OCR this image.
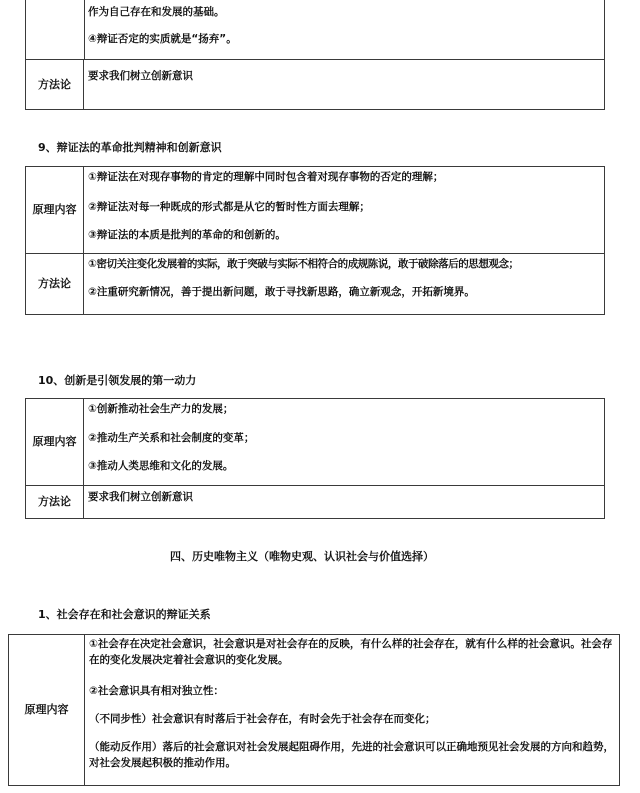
作为自己存在和发展的基础。

④辩证否定的实质就是“扬弃”。

方法论

要求我们树立创新意识

9、辩证法的革命批判精神和创新意识

原理内容

①辩证法在对现存事物的肯定的理解中同时包含着对现存事物的否定的理解；

②辩证法对每一种既成的形式都是从它的暂时性方面去理解；

③辩证法的本质是批判的革命的和创新的。

方法论

①密切关注变化发展着的实际，敢于突破与实际不相符合的成规陈说，敢于破除落后的思想观念；

②注重研究新情况，善于提出新问题，敢于寻找新思路，确立新观念，开拓新境界。

10、创新是引领发展的第一动力

原理内容

①创新推动社会生产力的发展；

②推动生产关系和社会制度的变革；

③推动人类思维和文化的发展。

方法论	要求我们树立创新意识

四、历史唯物主义（唯物史观、认识社会与价值选择）

1、社会存在和社会意识的辩证关系

原理内容

①社会存在决定社会意识，社会意识是对社会存在的反映，有什么样的社会存在，就有什么样的社会意识。社会存在的变化发展决定着社会意识的变化发展。

②社会意识具有相对独立性：

（不同步性）社会意识有时落后于社会存在，有时会先于社会存在而变化；

（能动反作用）落后的社会意识对社会发展起阻碍作用，先进的社会意识可以正确地预见社会发展的方向和趋势，对社会发展起积极的推动作用。
